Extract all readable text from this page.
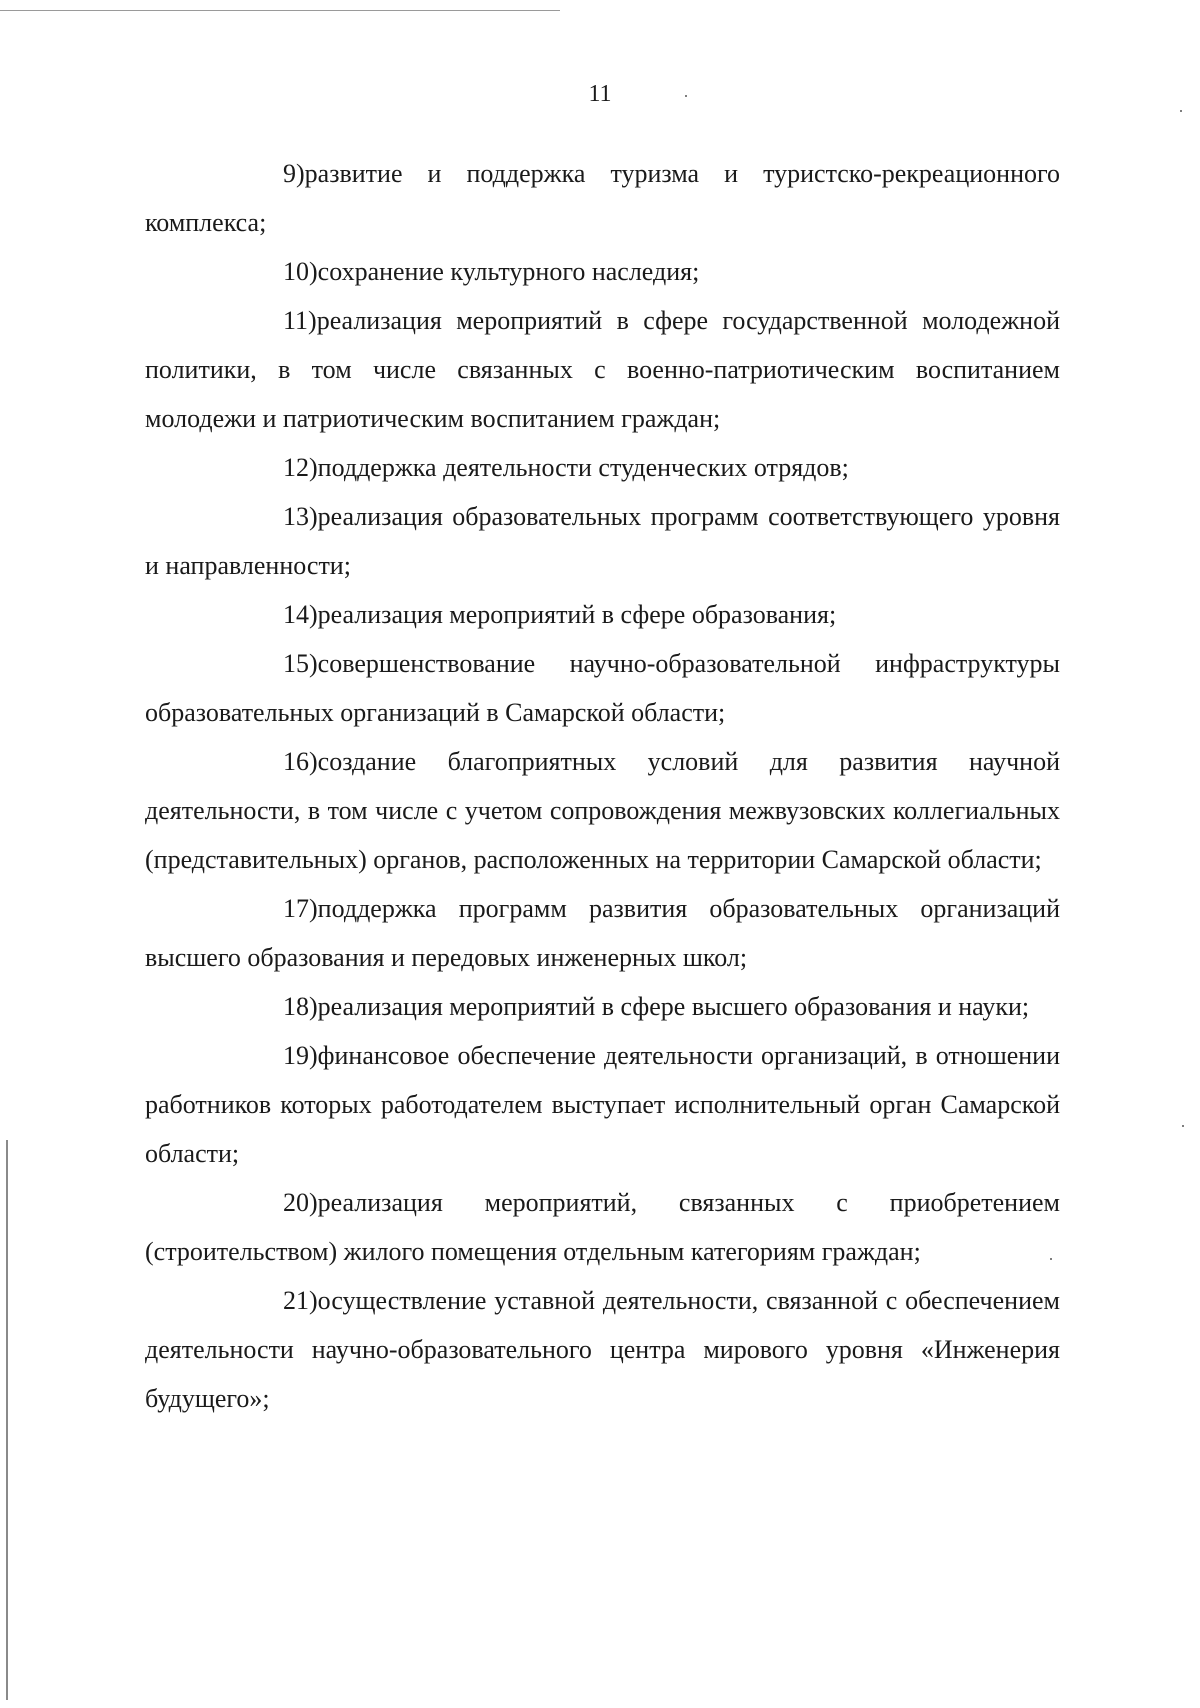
11

9)развитие и поддержка туризма и туристско-рекреационного комплекса;

10)сохранение культурного наследия;

11)реализация мероприятий в сфере государственной молодежной политики, в том числе связанных с военно-патриотическим воспитанием молодежи и патриотическим воспитанием граждан;

12)поддержка деятельности студенческих отрядов;

13)реализация образовательных программ соответствующего уровня и направленности;

14)реализация мероприятий в сфере образования;

15)совершенствование научно-образовательной инфраструктуры образовательных организаций в Самарской области;

16)создание благоприятных условий для развития научной деятельности, в том числе с учетом сопровождения межвузовских коллегиальных (представительных) органов, расположенных на территории Самарской области;

17)поддержка программ развития образовательных организаций высшего образования и передовых инженерных школ;

18)реализация мероприятий в сфере высшего образования и науки;

19)финансовое обеспечение деятельности организаций, в отношении работников которых работодателем выступает исполнительный орган Самарской области;

20)реализация мероприятий, связанных с приобретением (строительством) жилого помещения отдельным категориям граждан;

21)осуществление уставной деятельности, связанной с обеспечением деятельности научно-образовательного центра мирового уровня «Инженерия будущего»;
